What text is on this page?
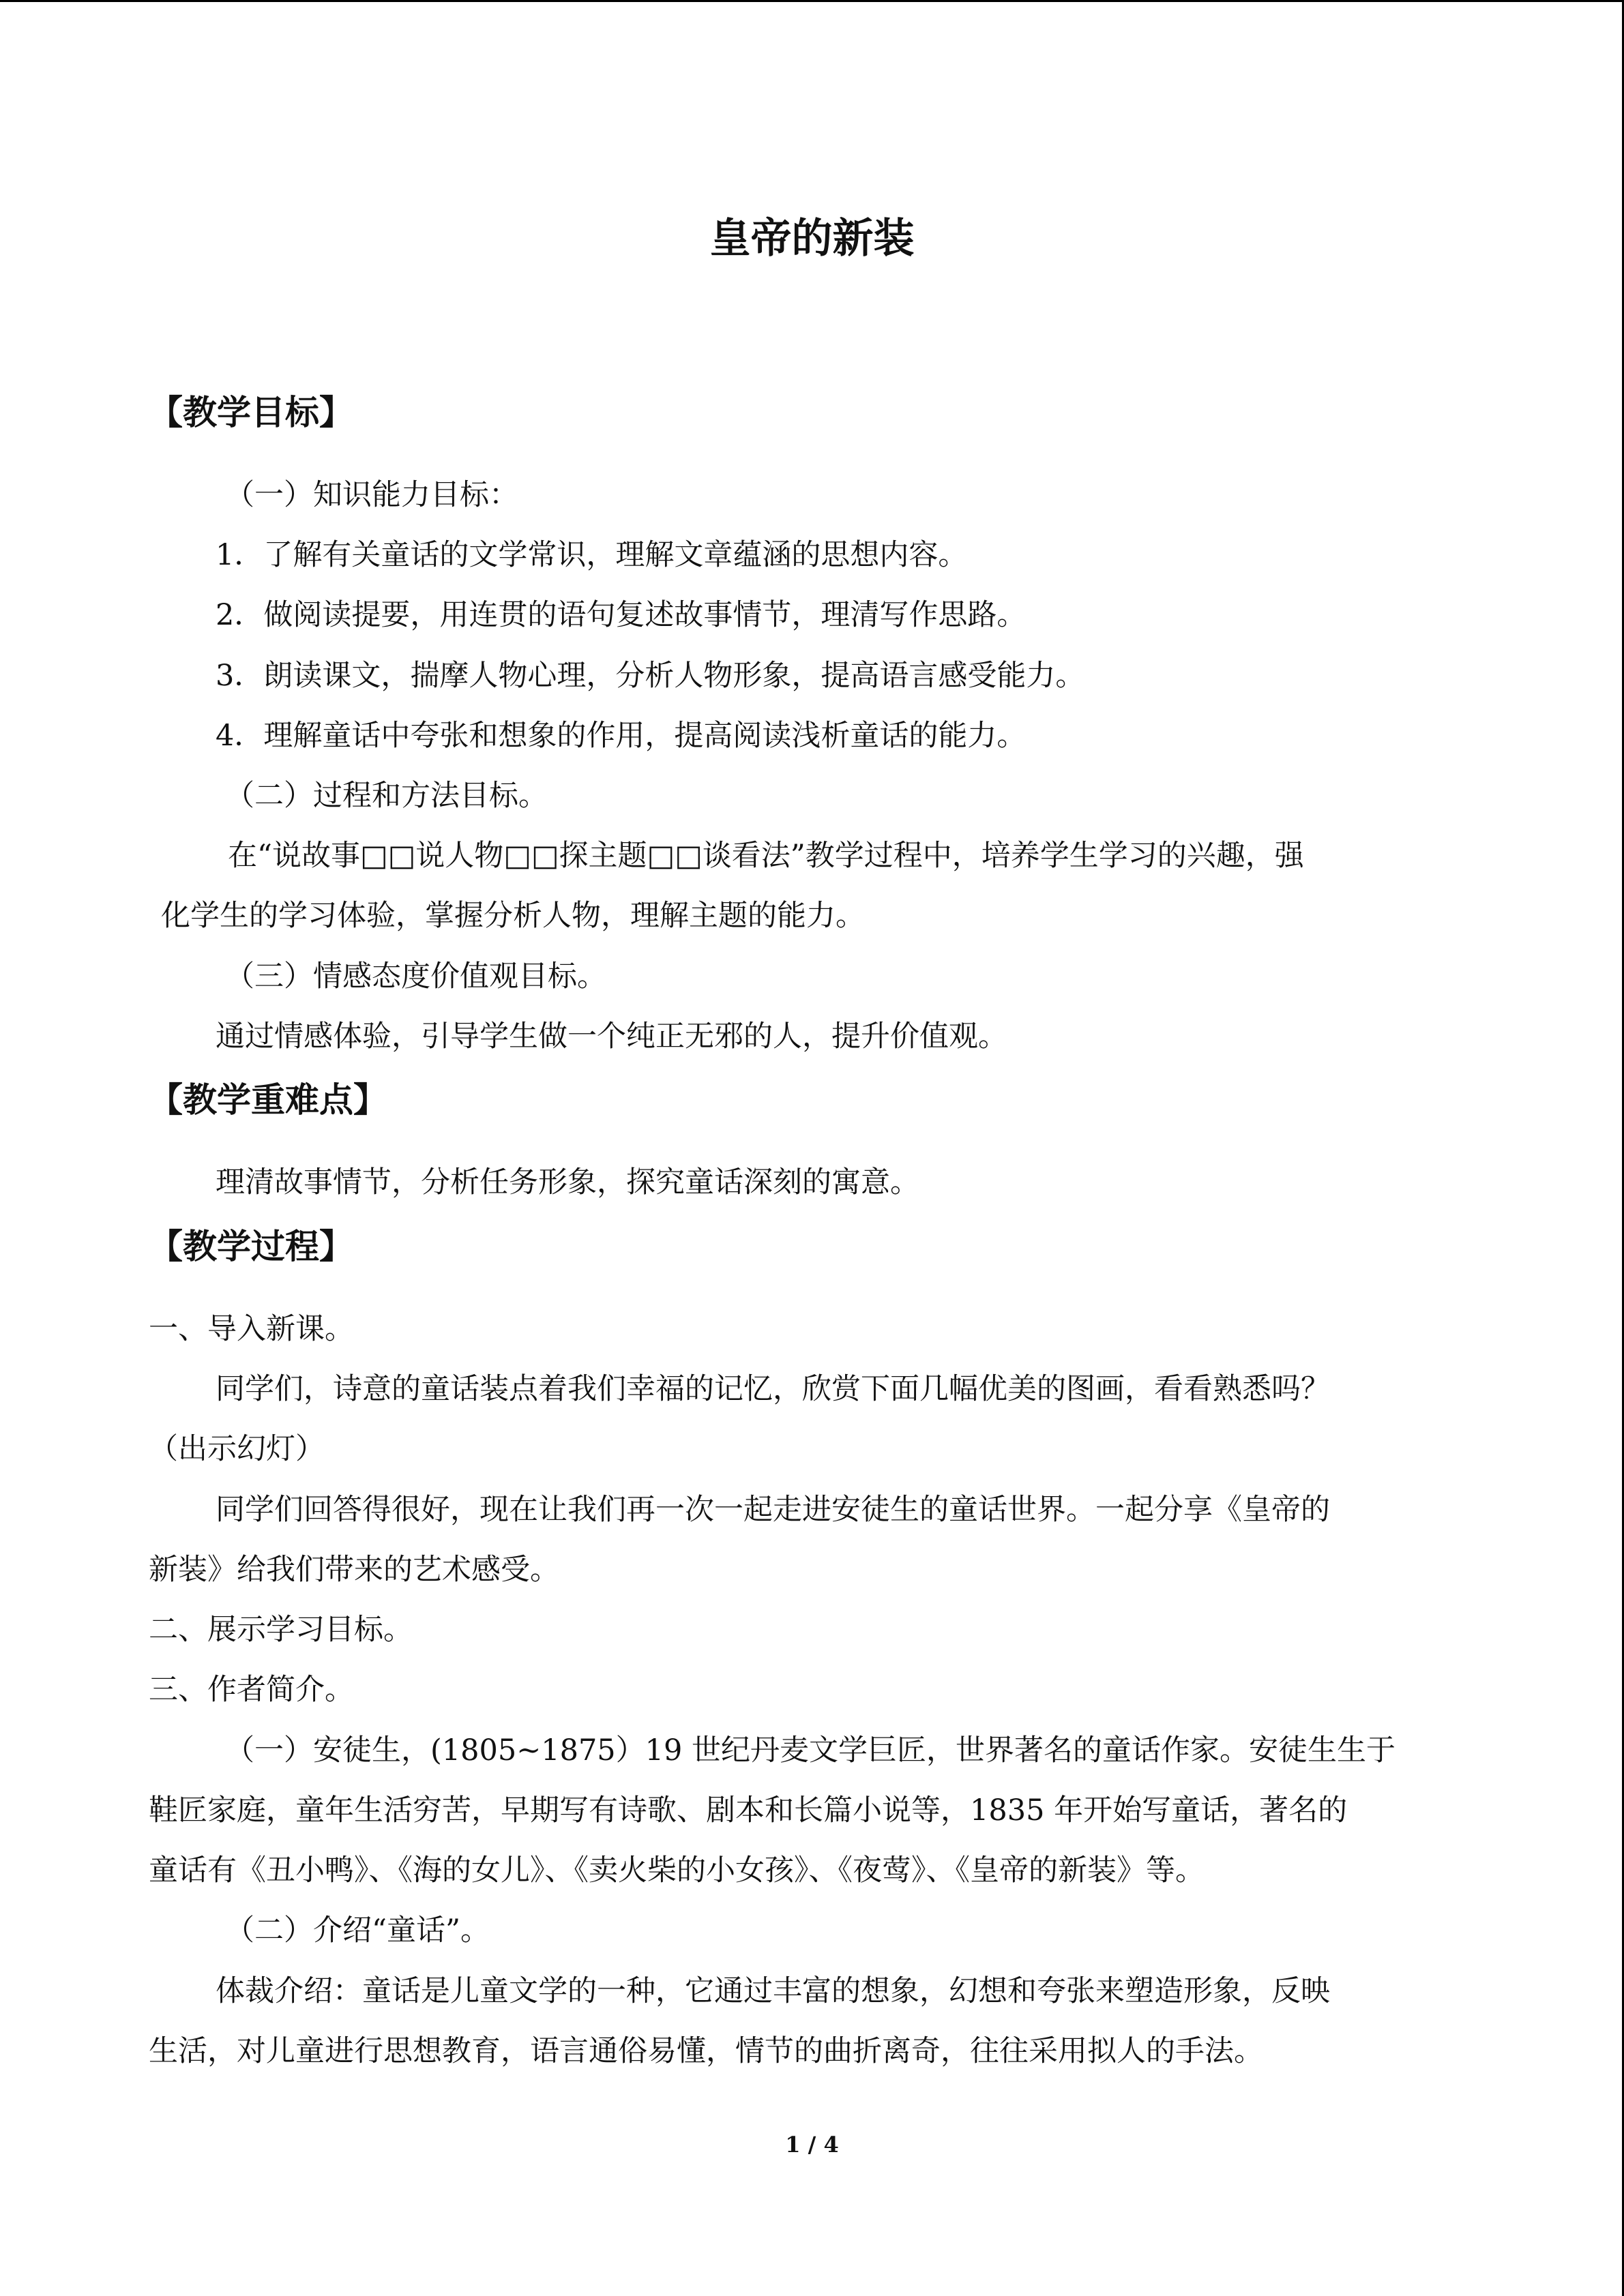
皇帝的新装
【教学目标】
（一）知识能力目标：
1．了解有关童话的文学常识，理解文章蕴涵的思想内容。
2．做阅读提要，用连贯的语句复述故事情节，理清写作思路。
3．朗读课文，揣摩人物心理，分析人物形象，提高语言感受能力。
4．理解童话中夸张和想象的作用，提高阅读浅析童话的能力。
（二）过程和方法目标。
在“说故事□□说人物□□探主题□□谈看法”教学过程中，培养学生学习的兴趣，强
化学生的学习体验，掌握分析人物，理解主题的能力。
（三）情感态度价值观目标。
通过情感体验，引导学生做一个纯正无邪的人，提升价值观。
【教学重难点】
理清故事情节，分析任务形象，探究童话深刻的寓意。
【教学过程】
一、导入新课。
同学们，诗意的童话装点着我们幸福的记忆，欣赏下面几幅优美的图画，看看熟悉吗？
（出示幻灯）
同学们回答得很好，现在让我们再一次一起走进安徒生的童话世界。一起分享《皇帝的
新装》给我们带来的艺术感受。
二、展示学习目标。
三、作者简介。
（一）安徒生，(1805~1875）19 世纪丹麦文学巨匠，世界著名的童话作家。安徒生生于
鞋匠家庭，童年生活穷苦，早期写有诗歌、剧本和长篇小说等，1835 年开始写童话，著名的
童话有《丑小鸭》、《海的女儿》、《卖火柴的小女孩》、《夜莺》、《皇帝的新装》等。
（二）介绍“童话”。
体裁介绍：童话是儿童文学的一种，它通过丰富的想象，幻想和夸张来塑造形象，反映
生活，对儿童进行思想教育，语言通俗易懂，情节的曲折离奇，往往采用拟人的手法。
1 / 4
